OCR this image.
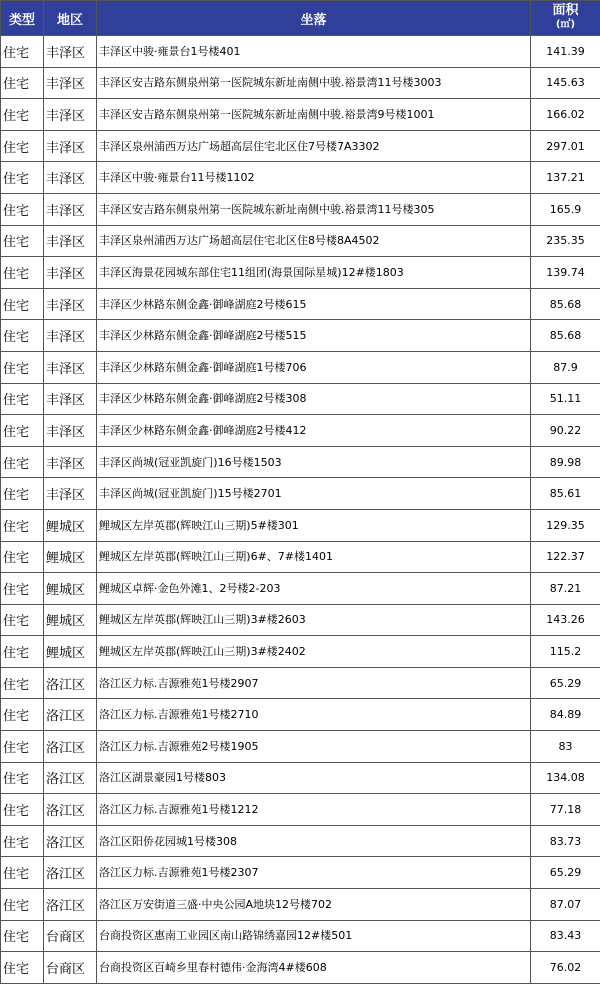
类型	地区	坐落	面积
(㎡)

住宅	丰泽区	丰泽区中骏·雍景台1号楼401	141.39
住宅	丰泽区	丰泽区安吉路东侧泉州第一医院城东新址南侧中骏.裕景湾11号楼3003	145.63
住宅	丰泽区	丰泽区安吉路东侧泉州第一医院城东新址南侧中骏.裕景湾9号楼1001	166.02
住宅	丰泽区	丰泽区泉州浦西万达广场超高层住宅北区住7号楼7A3302	297.01
住宅	丰泽区	丰泽区中骏·雍景台11号楼1102	137.21
住宅	丰泽区	丰泽区安吉路东侧泉州第一医院城东新址南侧中骏.裕景湾11号楼305	165.9
住宅	丰泽区	丰泽区泉州浦西万达广场超高层住宅北区住8号楼8A4502	235.35
住宅	丰泽区	丰泽区海景花园城东部住宅11组团(海景国际星城)12#楼1803	139.74
住宅	丰泽区	丰泽区少林路东侧金鑫·御峰湖庭2号楼615	85.68
住宅	丰泽区	丰泽区少林路东侧金鑫·御峰湖庭2号楼515	85.68
住宅	丰泽区	丰泽区少林路东侧金鑫·御峰湖庭1号楼706	87.9
住宅	丰泽区	丰泽区少林路东侧金鑫·御峰湖庭2号楼308	51.11
住宅	丰泽区	丰泽区少林路东侧金鑫·御峰湖庭2号楼412	90.22
住宅	丰泽区	丰泽区尚城(冠亚凯旋门)16号楼1503	89.98
住宅	丰泽区	丰泽区尚城(冠亚凯旋门)15号楼2701	85.61
住宅	鲤城区	鲤城区左岸英郡(辉映江山三期)5#楼301	129.35
住宅	鲤城区	鲤城区左岸英郡(辉映江山三期)6#、7#楼1401	122.37
住宅	鲤城区	鲤城区卓辉·金色外滩1、2号楼2-203	87.21
住宅	鲤城区	鲤城区左岸英郡(辉映江山三期)3#楼2603	143.26
住宅	鲤城区	鲤城区左岸英郡(辉映江山三期)3#楼2402	115.2
住宅	洛江区	洛江区力标.吉源雅苑1号楼2907	65.29
住宅	洛江区	洛江区力标.吉源雅苑1号楼2710	84.89
住宅	洛江区	洛江区力标.吉源雅苑2号楼1905	83
住宅	洛江区	洛江区湖景豪园1号楼803	134.08
住宅	洛江区	洛江区力标.吉源雅苑1号楼1212	77.18
住宅	洛江区	洛江区阳侨花园城1号楼308	83.73
住宅	洛江区	洛江区力标.吉源雅苑1号楼2307	65.29
住宅	洛江区	洛江区万安街道三盛·中央公园A地块12号楼702	87.07
住宅	台商区	台商投资区惠南工业园区南山路锦绣嘉园12#楼501	83.43
住宅	台商区	台商投资区百崎乡里春村德伟·金海湾4#楼608	76.02
